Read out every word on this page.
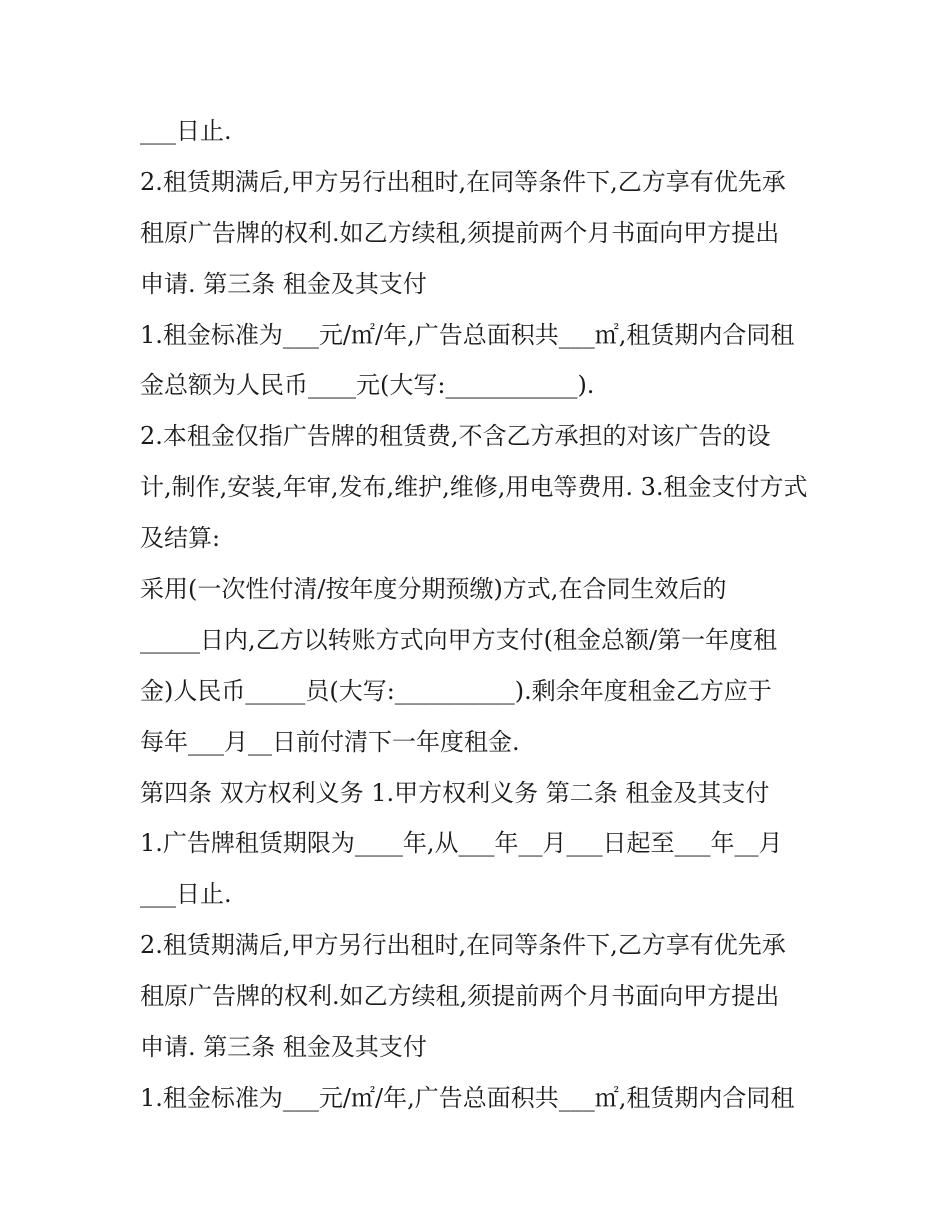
___日止.
2.租赁期满后,甲方另行出租时,在同等条件下,乙方享有优先承
租原广告牌的权利.如乙方续租,须提前两个月书面向甲方提出
申请. 第三条 租金及其支付
1.租金标准为___元/㎡/年,广告总面积共___㎡,租赁期内合同租
金总额为人民币____元(大写:___________).
2.本租金仅指广告牌的租赁费,不含乙方承担的对该广告的设
计,制作,安装,年审,发布,维护,维修,用电等费用. 3.租金支付方式
及结算:
采用(一次性付清/按年度分期预缴)方式,在合同生效后的
_____日内,乙方以转账方式向甲方支付(租金总额/第一年度租
金)人民币_____员(大写:__________).剩余年度租金乙方应于
每年___月__日前付清下一年度租金.
第四条 双方权利义务 1.甲方权利义务 第二条 租金及其支付
1.广告牌租赁期限为____年,从___年__月___日起至___年__月
___日止.
2.租赁期满后,甲方另行出租时,在同等条件下,乙方享有优先承
租原广告牌的权利.如乙方续租,须提前两个月书面向甲方提出
申请. 第三条 租金及其支付
1.租金标准为___元/㎡/年,广告总面积共___㎡,租赁期内合同租
